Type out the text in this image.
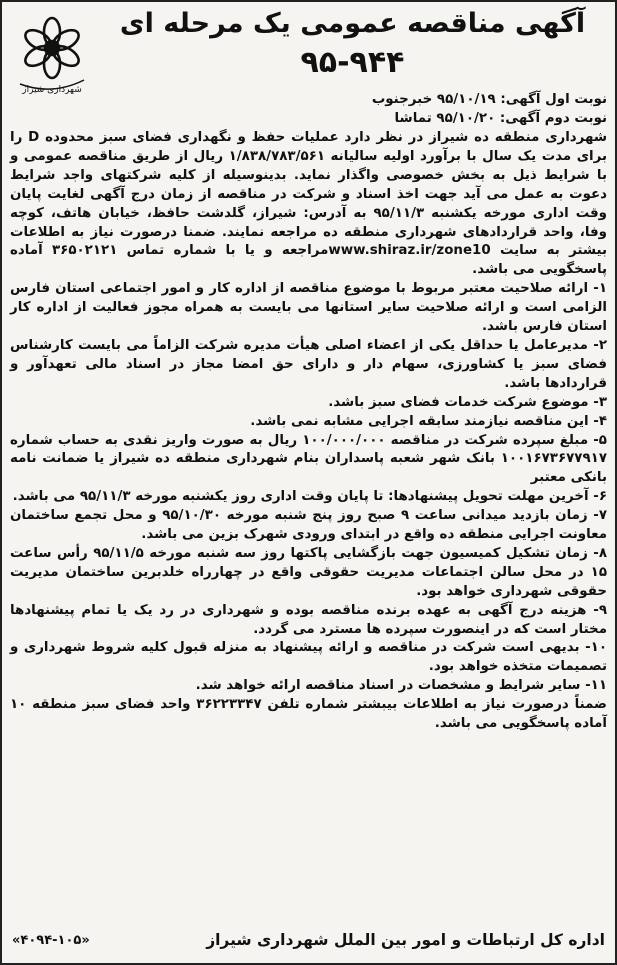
شهرداری شیراز
آگهی مناقصه عمومی یک مرحله ای
۹۵-۹۴۴

نوبت اول آگهی: ۹۵/۱۰/۱۹ خبرجنوب

نوبت دوم آگهی: ۹۵/۱۰/۲۰ تماشا

شهرداری منطقه ده شیراز در نظر دارد عملیات حفظ و نگهداری فضای سبز محدوده D را برای مدت یک سال با برآورد اولیه سالیانه ۱/۸۳۸/۷۸۳/۵۶۱ ریال از طریق مناقصه عمومی و با شرایط ذیل به بخش خصوصی واگذار نماید. بدینوسیله از کلیه شرکتهای واجد شرایط دعوت به عمل می آید جهت اخذ اسناد و شرکت در مناقصه از زمان درج آگهی لغایت پایان وقت اداری مورخه یکشنبه ۹۵/۱۱/۳ به آدرس: شیراز، گلدشت حافظ، خیابان هاتف، کوچه وفا، واحد قراردادهای شهرداری منطقه ده مراجعه نمایند. ضمنا درصورت نیاز به اطلاعات بیشتر به سایت www.shiraz.ir/zone10مراجعه و یا با شماره تماس ۳۶۵۰۲۱۲۱ آماده پاسخگویی می باشد.

۱- ارائه صلاحیت معتبر مربوط با موضوع مناقصه از اداره کار و امور اجتماعی استان فارس الزامی است و ارائه صلاحیت سایر استانها می بایست به همراه مجوز فعالیت از اداره کار استان فارس باشد.

۲- مدیرعامل یا حداقل یکی از اعضاء اصلی هیأت مدیره شرکت الزاماً می بایست کارشناس فضای سبز یا کشاورزی، سهام دار و دارای حق امضا مجاز در اسناد مالی تعهدآور و قراردادها باشد.

۳- موضوع شرکت خدمات فضای سبز باشد.

۴- این مناقصه نیازمند سابقه اجرایی مشابه نمی باشد.

۵- مبلغ سپرده شرکت در مناقصه ۱۰۰/۰۰۰/۰۰۰ ریال به صورت واریز نقدی به حساب شماره ۱۰۰۱۶۷۳۶۷۷۹۱۷ بانک شهر شعبه پاسداران بنام شهرداری منطقه ده شیراز یا ضمانت نامه بانکی معتبر

۶- آخرین مهلت تحویل پیشنهادها: تا پایان وقت اداری روز یکشنبه مورخه ۹۵/۱۱/۳ می باشد.

۷- زمان بازدید میدانی ساعت ۹ صبح روز پنج شنبه مورخه ۹۵/۱۰/۳۰ و محل تجمع ساختمان معاونت اجرایی منطقه ده واقع در ابتدای ورودی شهرک بزین می باشد.

۸- زمان تشکیل کمیسیون جهت بازگشایی پاکتها روز سه شنبه مورخه ۹۵/۱۱/۵ رأس ساعت ۱۵ در محل سالن اجتماعات مدیریت حقوقی واقع در چهارراه خلدبرین ساختمان مدیریت حقوقی شهرداری خواهد بود.

۹- هزینه درج آگهی به عهده برنده مناقصه بوده و شهرداری در رد یک یا تمام پیشنهادها مختار است که در اینصورت سپرده ها مسترد می گردد.

۱۰- بدیهی است شرکت در مناقصه و ارائه پیشنهاد به منزله قبول کلیه شروط شهرداری و تصمیمات متخذه خواهد بود.

۱۱- سایر شرایط و مشخصات در اسناد مناقصه ارائه خواهد شد.

ضمناً درصورت نیاز به اطلاعات بیبشتر شماره تلفن ۳۶۲۲۳۳۴۷ واحد فضای سبز منطقه ۱۰ آماده پاسخگویی می باشد.

اداره کل ارتباطات و امور بین الملل شهرداری شیراز
«۴۰۹۴-۱۰۵»
